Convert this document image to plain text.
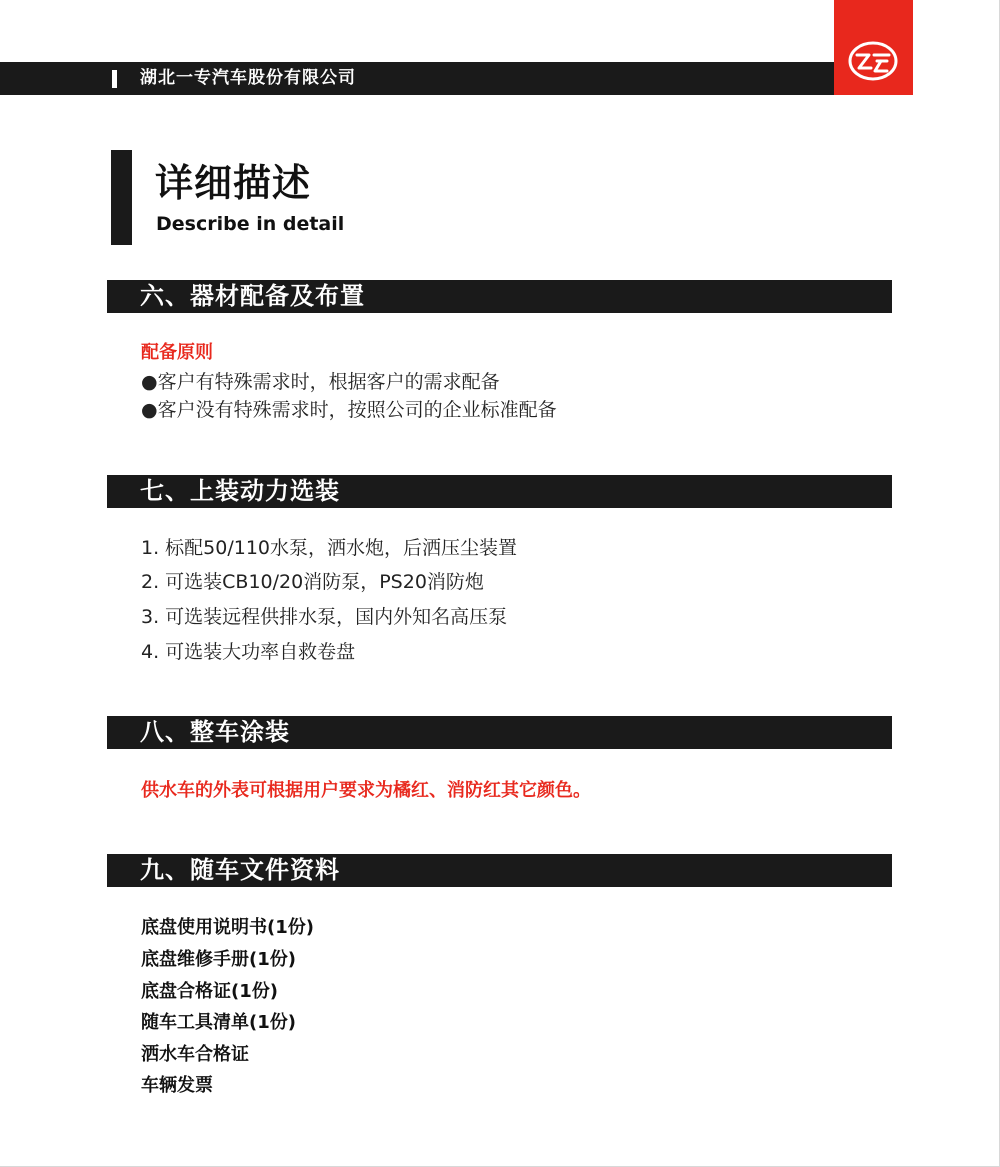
湖北一专汽车股份有限公司
详细描述
Describe in detail
六、器材配备及布置
配备原则
●客户有特殊需求时，根据客户的需求配备
●客户没有特殊需求时，按照公司的企业标准配备
七、上装动力选装
1. 标配50/110水泵，洒水炮，后洒压尘装置
2. 可选装CB10/20消防泵，PS20消防炮
3. 可选装远程供排水泵，国内外知名高压泵
4. 可选装大功率自救卷盘
八、整车涂装
供水车的外表可根据用户要求为橘红、消防红其它颜色。
九、随车文件资料
底盘使用说明书(1份)
底盘维修手册(1份)
底盘合格证(1份)
随车工具清单(1份)
洒水车合格证
车辆发票
